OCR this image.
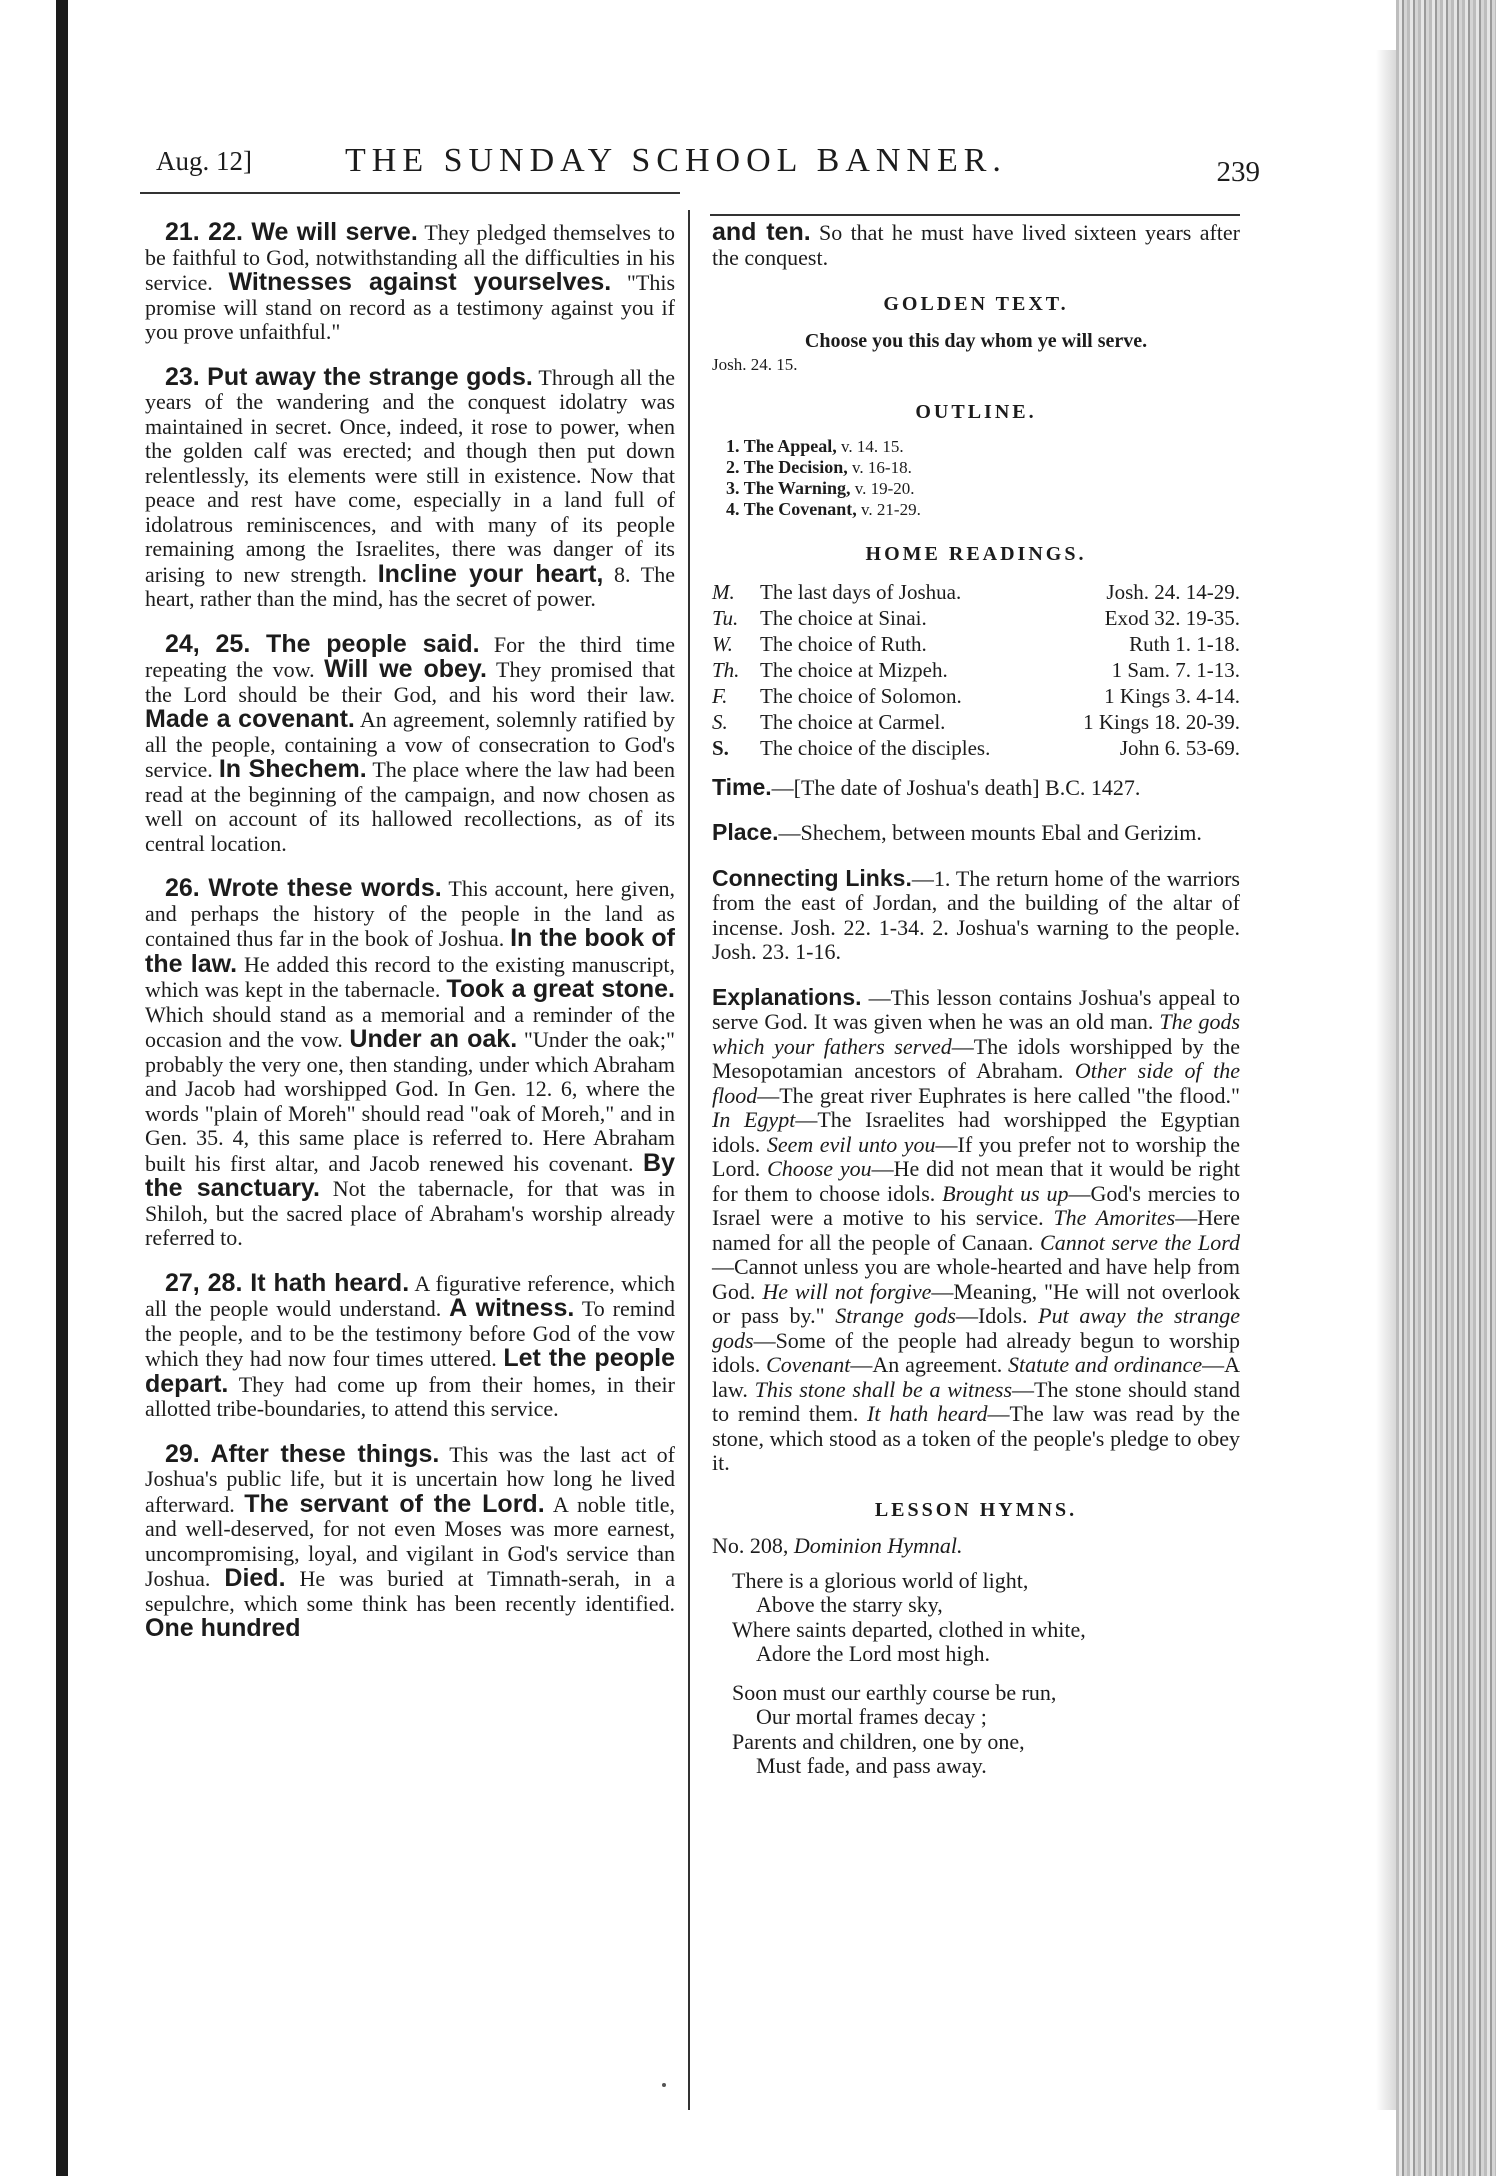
Aug. 12]	THE SUNDAY SCHOOL BANNER.	239

21. 22. We will serve. They pledged themselves to be faithful to God, notwithstanding all the difficulties in his service. Witnesses against yourselves. "This promise will stand on record as a testimony against you if you prove unfaithful."

23. Put away the strange gods. Through all the years of the wandering and the conquest idolatry was maintained in secret. Once, indeed, it rose to power, when the golden calf was erected; and though then put down relentlessly, its elements were still in existence. Now that peace and rest have come, especially in a land full of idolatrous reminiscences, and with many of its people remaining among the Israelites, there was danger of its arising to new strength. Incline your heart, 8. The heart, rather than the mind, has the secret of power.

24, 25. The people said. For the third time repeating the vow. Will we obey. They promised that the Lord should be their God, and his word their law. Made a covenant. An agreement, solemnly ratified by all the people, containing a vow of consecration to God's service. In Shechem. The place where the law had been read at the beginning of the campaign, and now chosen as well on account of its hallowed recollections, as of its central location.

26. Wrote these words. This account, here given, and perhaps the history of the people in the land as contained thus far in the book of Joshua. In the book of the law. He added this record to the existing manuscript, which was kept in the tabernacle. Took a great stone. Which should stand as a memorial and a reminder of the occasion and the vow. Under an oak. "Under the oak;" probably the very one, then standing, under which Abraham and Jacob had worshipped God. In Gen. 12. 6, where the words "plain of Moreh" should read "oak of Moreh," and in Gen. 35. 4, this same place is referred to. Here Abraham built his first altar, and Jacob renewed his covenant. By the sanctuary. Not the tabernacle, for that was in Shiloh, but the sacred place of Abraham's worship already referred to.

27, 28. It hath heard. A figurative reference, which all the people would understand. A witness. To remind the people, and to be the testimony before God of the vow which they had now four times uttered. Let the people depart. They had come up from their homes, in their allotted tribe-boundaries, to attend this service.

29. After these things. This was the last act of Joshua's public life, but it is uncertain how long he lived afterward. The servant of the Lord. A noble title, and well-deserved, for not even Moses was more earnest, uncompromising, loyal, and vigilant in God's service than Joshua. Died. He was buried at Timnath-serah, in a sepulchre, which some think has been recently identified. One hundred

and ten. So that he must have lived sixteen years after the conquest.

GOLDEN TEXT.
Choose you this day whom ye will serve.
Josh. 24. 15.
OUTLINE.
1. The Appeal, v. 14. 15.
2. The Decision, v. 16-18.
3. The Warning, v. 19-20.
4. The Covenant, v. 21-29.
HOME READINGS.
M.	The last days of Joshua.	Josh. 24. 14-29.
Tu.	The choice at Sinai.	Exod 32. 19-35.
W.	The choice of Ruth.	Ruth 1. 1-18.
Th.	The choice at Mizpeh.	1 Sam. 7. 1-13.
F.	The choice of Solomon.	1 Kings 3. 4-14.
S.	The choice at Carmel.	1 Kings 18. 20-39.
S.	The choice of the disciples.	John 6. 53-69.

Time.—[The date of Joshua's death] B.C. 1427.

Place.—Shechem, between mounts Ebal and Gerizim.

Connecting Links.—1. The return home of the warriors from the east of Jordan, and the building of the altar of incense. Josh. 22. 1-34. 2. Joshua's warning to the people. Josh. 23. 1-16.

Explanations. —This lesson contains Joshua's appeal to serve God. It was given when he was an old man. The gods which your fathers served—The idols worshipped by the Mesopotamian ancestors of Abraham. Other side of the flood—The great river Euphrates is here called "the flood." In Egypt—The Israelites had worshipped the Egyptian idols. Seem evil unto you—If you prefer not to worship the Lord. Choose you—He did not mean that it would be right for them to choose idols. Brought us up—God's mercies to Israel were a motive to his service. The Amorites—Here named for all the people of Canaan. Cannot serve the Lord—Cannot unless you are whole-hearted and have help from God. He will not forgive—Meaning, "He will not overlook or pass by." Strange gods—Idols. Put away the strange gods—Some of the people had already begun to worship idols. Covenant—An agreement. Statute and ordinance—A law. This stone shall be a witness—The stone should stand to remind them. It hath heard—The law was read by the stone, which stood as a token of the people's pledge to obey it.

LESSON HYMNS.
No. 208, Dominion Hymnal.

There is a glorious world of light,

Above the starry sky,

Where saints departed, clothed in white,

Adore the Lord most high.

Soon must our earthly course be run,

Our mortal frames decay ;

Parents and children, one by one,

Must fade, and pass away.
